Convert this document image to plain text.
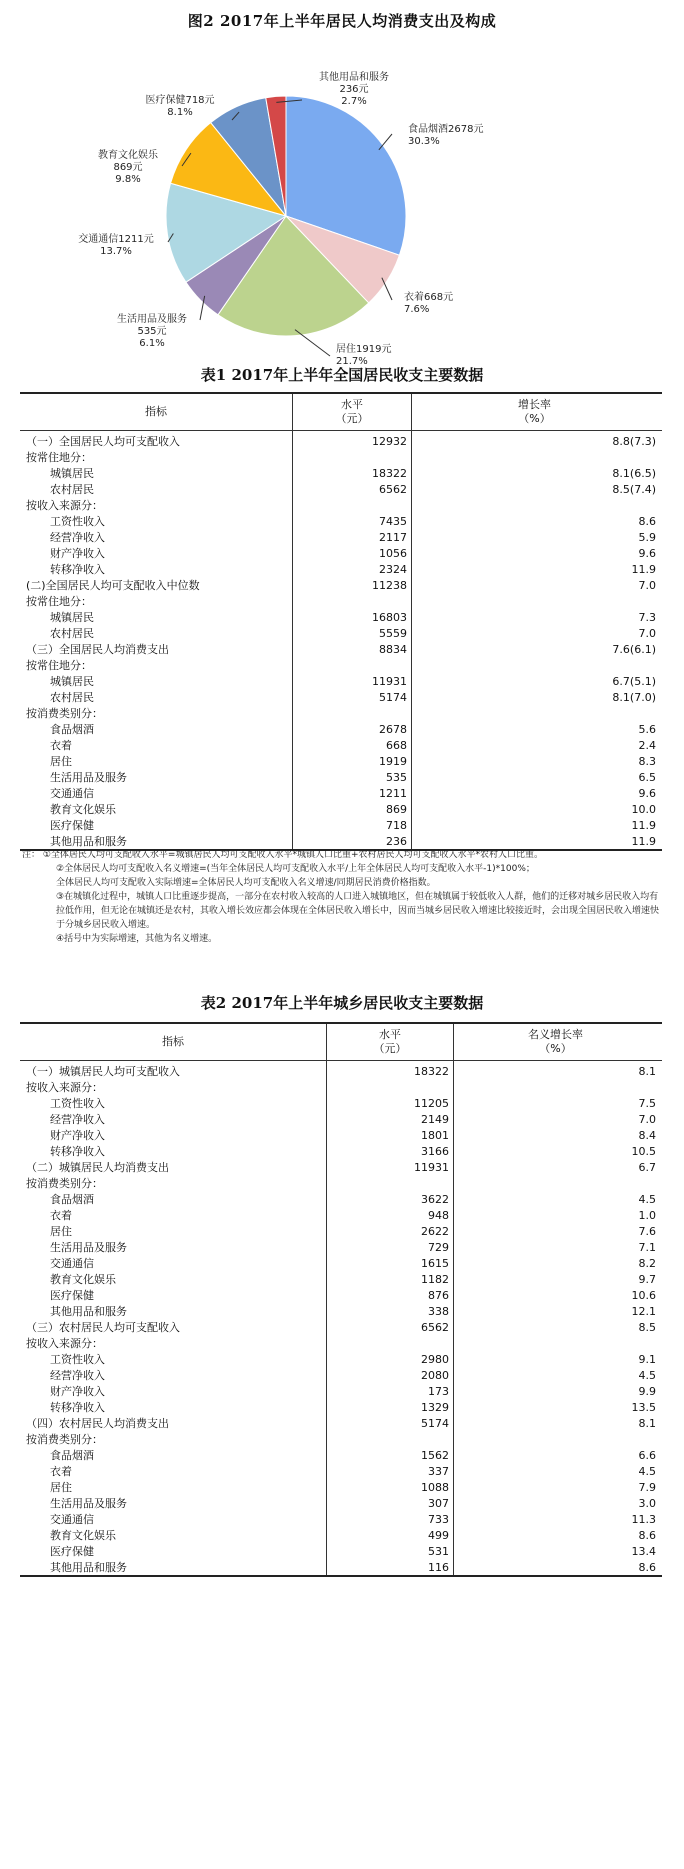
图2 2017年上半年居民人均消费支出及构成
食品烟酒2678元
30.3%
衣着668元
7.6%
居住1919元
21.7%
生活用品及服务
535元
6.1%
交通通信1211元
13.7%
教育文化娱乐
869元
9.8%
医疗保健718元
8.1%
其他用品和服务
236元
2.7%
表1 2017年上半年全国居民收支主要数据
指标	水平
（元）	增长率
（%）
（一）全国居民人均可支配收入	12932	8.8(7.3)
按常住地分：		
城镇居民	18322	8.1(6.5)
农村居民	6562	8.5(7.4)
按收入来源分：		
工资性收入	7435	8.6
经营净收入	2117	5.9
财产净收入	1056	9.6
转移净收入	2324	11.9
(二)全国居民人均可支配收入中位数	11238	7.0
按常住地分：		
城镇居民	16803	7.3
农村居民	5559	7.0
（三）全国居民人均消费支出	8834	7.6(6.1)
按常住地分：		
城镇居民	11931	6.7(5.1)
农村居民	5174	8.1(7.0)
按消费类别分：		
食品烟酒	2678	5.6
衣着	668	2.4
居住	1919	8.3
生活用品及服务	535	6.5
交通通信	1211	9.6
教育文化娱乐	869	10.0
医疗保健	718	11.9
其他用品和服务	236	11.9

注： ①全体居民人均可支配收入水平=城镇居民人均可支配收入水平*城镇人口比重+农村居民人均可支配收入水平*农村人口比重。

②全体居民人均可支配收入名义增速=(当年全体居民人均可支配收入水平/上年全体居民人均可支配收入水平-1)*100%；

全体居民人均可支配收入实际增速=全体居民人均可支配收入名义增速/同期居民消费价格指数。

③在城镇化过程中，城镇人口比重逐步提高，一部分在农村收入较高的人口进入城镇地区，但在城镇属于较低收入人群，他们的迁移对城乡居民收入均有拉低作用，但无论在城镇还是农村，其收入增长效应都会体现在全体居民收入增长中，因而当城乡居民收入增速比较接近时，会出现全国居民收入增速快于分城乡居民收入增速。

④括号中为实际增速，其他为名义增速。

表2 2017年上半年城乡居民收支主要数据
指标	水平
（元）	名义增长率
（%）
（一）城镇居民人均可支配收入	18322	8.1
按收入来源分：		
工资性收入	11205	7.5
经营净收入	2149	7.0
财产净收入	1801	8.4
转移净收入	3166	10.5
（二）城镇居民人均消费支出	11931	6.7
按消费类别分：		
食品烟酒	3622	4.5
衣着	948	1.0
居住	2622	7.6
生活用品及服务	729	7.1
交通通信	1615	8.2
教育文化娱乐	1182	9.7
医疗保健	876	10.6
其他用品和服务	338	12.1
（三）农村居民人均可支配收入	6562	8.5
按收入来源分：		
工资性收入	2980	9.1
经营净收入	2080	4.5
财产净收入	173	9.9
转移净收入	1329	13.5
（四）农村居民人均消费支出	5174	8.1
按消费类别分：		
食品烟酒	1562	6.6
衣着	337	4.5
居住	1088	7.9
生活用品及服务	307	3.0
交通通信	733	11.3
教育文化娱乐	499	8.6
医疗保健	531	13.4
其他用品和服务	116	8.6
